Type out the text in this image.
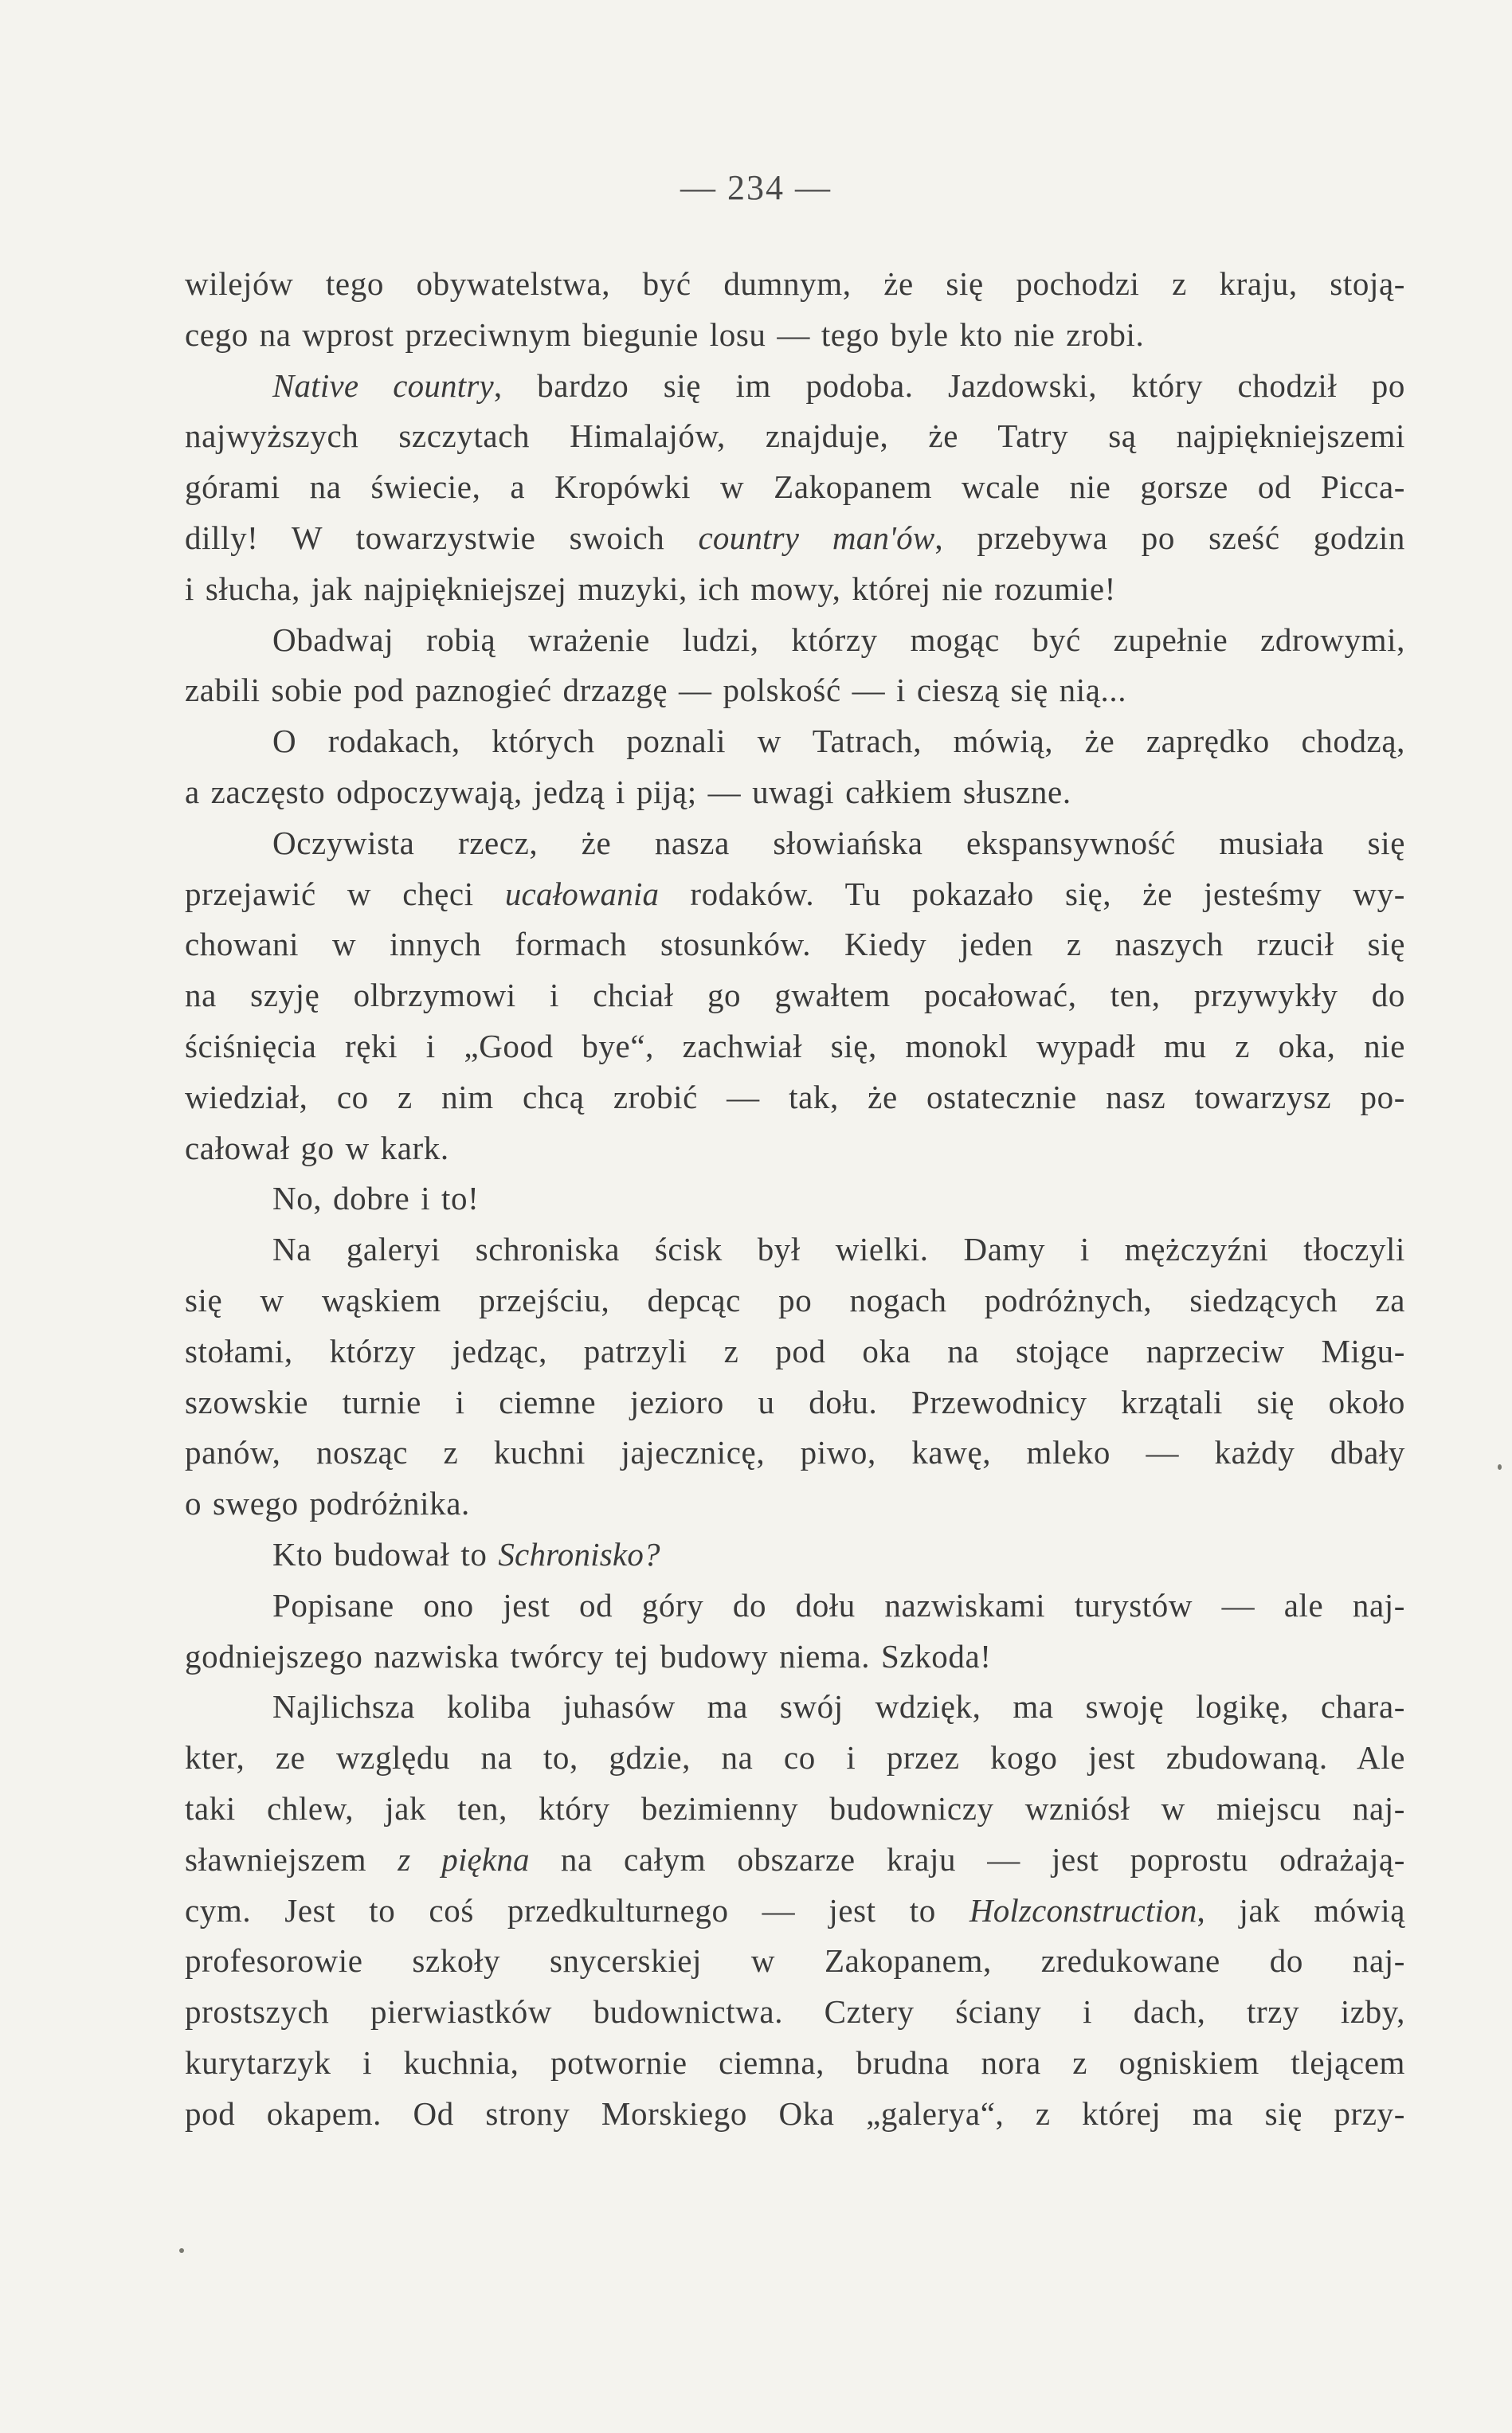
— 234 —
wilejów tego obywatelstwa, być dumnym, że się pochodzi z kraju, stoją-
cego na wprost przeciwnym biegunie losu — tego byle kto nie zrobi.
Native country, bardzo się im podoba. Jazdowski, który chodził po
najwyższych szczytach Himalajów, znajduje, że Tatry są najpiękniejszemi
górami na świecie, a Kropówki w Zakopanem wcale nie gorsze od Picca-
dilly! W towarzystwie swoich country man'ów, przebywa po sześć godzin
i słucha, jak najpiękniejszej muzyki, ich mowy, której nie rozumie!
Obadwaj robią wrażenie ludzi, którzy mogąc być zupełnie zdrowymi,
zabili sobie pod paznogieć drzazgę — polskość — i cieszą się nią...
O rodakach, których poznali w Tatrach, mówią, że zaprędko chodzą,
a zaczęsto odpoczywają, jedzą i piją; — uwagi całkiem słuszne.
Oczywista rzecz, że nasza słowiańska ekspansywność musiała się
przejawić w chęci ucałowania rodaków. Tu pokazało się, że jesteśmy wy-
chowani w innych formach stosunków. Kiedy jeden z naszych rzucił się
na szyję olbrzymowi i chciał go gwałtem pocałować, ten, przywykły do
ściśnięcia ręki i „Good bye“, zachwiał się, monokl wypadł mu z oka, nie
wiedział, co z nim chcą zrobić — tak, że ostatecznie nasz towarzysz po-
całował go w kark.
No, dobre i to!
Na galeryi schroniska ścisk był wielki. Damy i mężczyźni tłoczyli
się w wąskiem przejściu, depcąc po nogach podróżnych, siedzących za
stołami, którzy jedząc, patrzyli z pod oka na stojące naprzeciw Migu-
szowskie turnie i ciemne jezioro u dołu. Przewodnicy krzątali się około
panów, nosząc z kuchni jajecznicę, piwo, kawę, mleko — każdy dbały
o swego podróżnika.
Kto budował to Schronisko?
Popisane ono jest od góry do dołu nazwiskami turystów — ale naj-
godniejszego nazwiska twórcy tej budowy niema. Szkoda!
Najlichsza koliba juhasów ma swój wdzięk, ma swoję logikę, chara-
kter, ze względu na to, gdzie, na co i przez kogo jest zbudowaną. Ale
taki chlew, jak ten, który bezimienny budowniczy wzniósł w miejscu naj-
sławniejszem z piękna na całym obszarze kraju — jest poprostu odrażają-
cym. Jest to coś przedkulturnego — jest to Holzconstruction, jak mówią
profesorowie szkoły snycerskiej w Zakopanem, zredukowane do naj-
prostszych pierwiastków budownictwa. Cztery ściany i dach, trzy izby,
kurytarzyk i kuchnia, potwornie ciemna, brudna nora z ogniskiem tlejącem
pod okapem. Od strony Morskiego Oka „galerya“, z której ma się przy-
